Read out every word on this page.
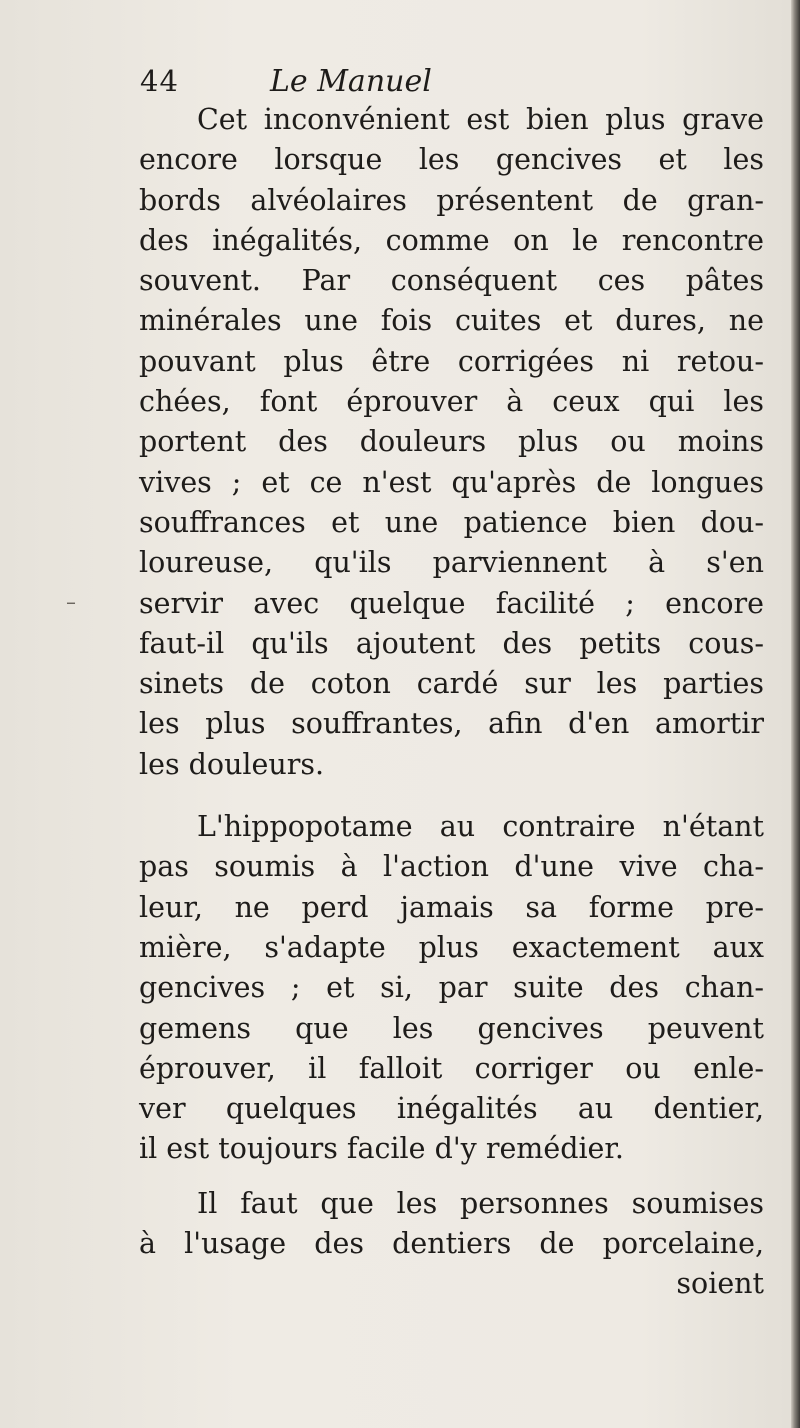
44	Le Manuel
Cet inconvénient est bien plus grave
encore lorsque les gencives et les
bords alvéolaires présentent de gran-
des inégalités, comme on le rencontre
souvent. Par conséquent ces pâtes
minérales une fois cuites et dures, ne
pouvant plus être corrigées ni retou-
chées, font éprouver à ceux qui les
portent des douleurs plus ou moins
vives ; et ce n'est qu'après de longues
souffrances et une patience bien dou-
loureuse, qu'ils parviennent à s'en
servir avec quelque facilité ; encore
faut-il qu'ils ajoutent des petits cous-
sinets de coton cardé sur les parties
les plus souffrantes, afin d'en amortir
les douleurs.
L'hippopotame au contraire n'étant
pas soumis à l'action d'une vive cha-
leur, ne perd jamais sa forme pre-
mière, s'adapte plus exactement aux
gencives ; et si, par suite des chan-
gemens que les gencives peuvent
éprouver, il falloit corriger ou enle-
ver quelques inégalités au dentier,
il est toujours facile d'y remédier.
Il faut que les personnes soumises
à l'usage des dentiers de porcelaine,
soient
–
